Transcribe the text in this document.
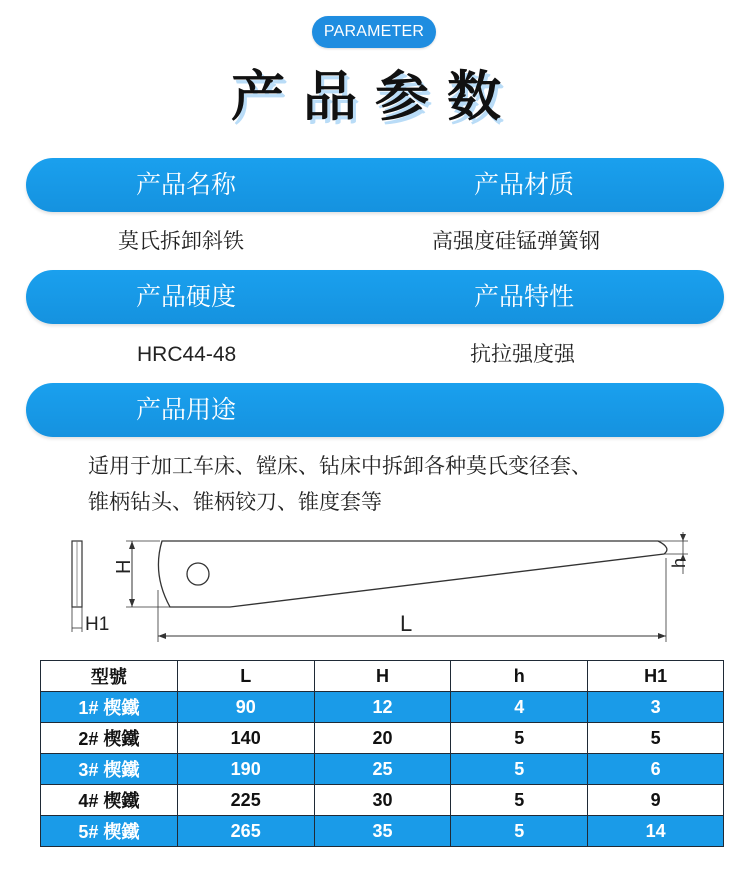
PARAMETER
产品参数
产品名称	产品材质
莫氏拆卸斜铁	高强度硅锰弹簧钢
产品硬度	产品特性
HRC44-48	抗拉强度强
产品用途
适用于加工车床、镗床、钻床中拆卸各种莫氏变径套、
锥柄钻头、锥柄铰刀、锥度套等
H1
H	h
L
型號	L	H	h	H1
1# 楔鐵	90	12	4	3
2# 楔鐵	140	20	5	5
3# 楔鐵	190	25	5	6
4# 楔鐵	225	30	5	9
5# 楔鐵	265	35	5	14
